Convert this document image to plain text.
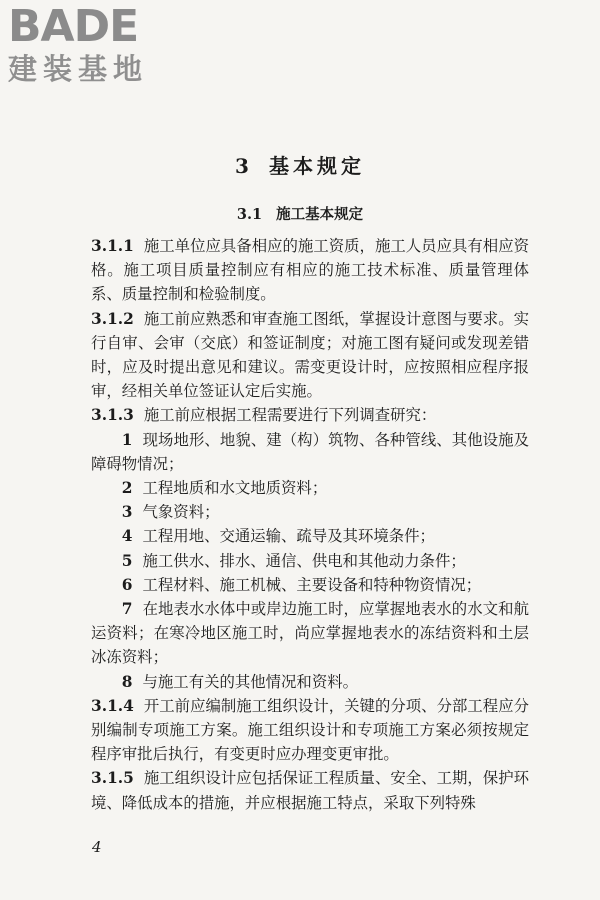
BADE
建装基地
3 基本规定
3.1 施工基本规定

3.1.1 施工单位应具备相应的施工资质，施工人员应具有相应资格。施工项目质量控制应有相应的施工技术标准、质量管理体系、质量控制和检验制度。

3.1.2 施工前应熟悉和审查施工图纸，掌握设计意图与要求。实行自审、会审（交底）和签证制度；对施工图有疑问或发现差错时，应及时提出意见和建议。需变更设计时，应按照相应程序报审，经相关单位签证认定后实施。

3.1.3 施工前应根据工程需要进行下列调查研究：

1 现场地形、地貌、建（构）筑物、各种管线、其他设施及障碍物情况；

2 工程地质和水文地质资料；

3 气象资料；

4 工程用地、交通运输、疏导及其环境条件；

5 施工供水、排水、通信、供电和其他动力条件；

6 工程材料、施工机械、主要设备和特种物资情况；

7 在地表水水体中或岸边施工时，应掌握地表水的水文和航运资料；在寒冷地区施工时，尚应掌握地表水的冻结资料和土层冰冻资料；

8 与施工有关的其他情况和资料。

3.1.4 开工前应编制施工组织设计，关键的分项、分部工程应分别编制专项施工方案。施工组织设计和专项施工方案必须按规定程序审批后执行，有变更时应办理变更审批。

3.1.5 施工组织设计应包括保证工程质量、安全、工期，保护环境、降低成本的措施，并应根据施工特点，采取下列特殊

4
